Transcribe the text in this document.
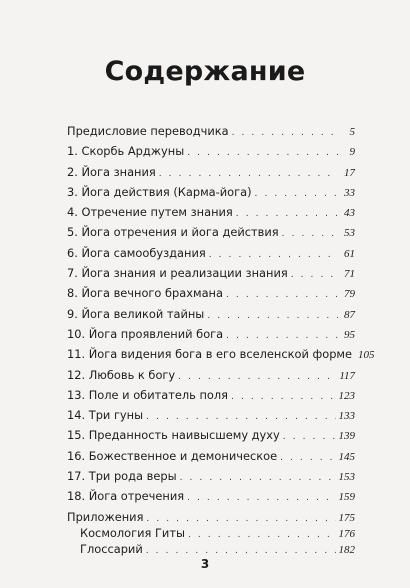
Содержание
Предисловие переводчика . . .	5
1. Скорбь Арджуны . . .	9
2. Йога знания . . .	17
3. Йога действия (Карма-йога) . . .	33
4. Отречение путем знания . . .	43
5. Йога отречения и йога действия . . .	53
6. Йога самообуздания . . .	61
7. Йога знания и реализации знания . . .	71
8. Йога вечного брахмана . . .	79
9. Йога великой тайны . . .	87
10. Йога проявлений бога . . .	95
11. Йога видения бога в его вселенской форме 105
12. Любовь к богу . . .	117
13. Поле и обитатель поля . . .	123
14. Три гуны . . .	133
15. Преданность наивысшему духу . . .	139
16. Божественное и демоническое . . .	145
17. Три рода веры . . .	153
18. Йога отречения . . .	159
Приложения . . .	175
Космология Гиты . . .	176
Глоссарий . . .	182
3
